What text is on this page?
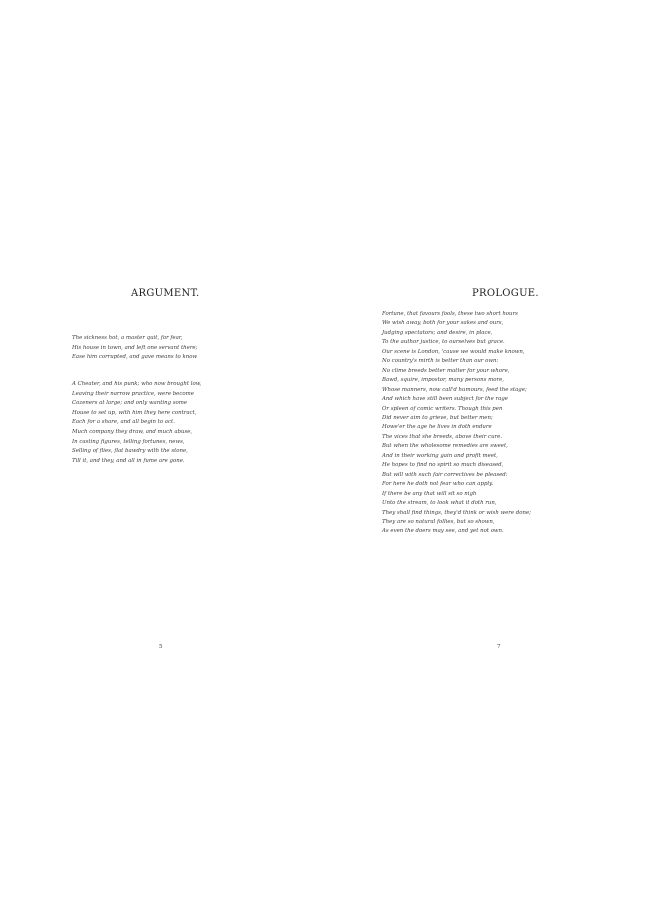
ARGUMENT.
The sickness hot, a master quit, for fear,
His house in town, and left one servant there;
Ease him corrupted, and gave means to know
A Cheater, and his punk; who now brought low,
Leaving their narrow practice, were become
Cozeners at large; and only wanting some
House to set up, with him they here contract,
Each for a share, and all begin to act.
Much company they draw, and much abuse,
In casting figures, telling fortunes, news,
Selling of flies, flat bawdry with the stone,
Till it, and they, and all in fume are gone.
5
PROLOGUE.
Fortune, that favours fools, these two short hours
We wish away, both for your sakes and ours,
Judging spectators; and desire, in place,
To the author justice, to ourselves but grace.
Our scene is London, 'cause we would make known,
No country's mirth is better than our own:
No clime breeds better matter for your whore,
Bawd, squire, impostor, many persons more,
Whose manners, now call'd humours, feed the stage;
And which have still been subject for the rage
Or spleen of comic writers. Though this pen
Did never aim to grieve, but better men;
Howe'er the age he lives in doth endure
The vices that she breeds, above their cure.
But when the wholesome remedies are sweet,
And in their working gain and profit meet,
He hopes to find no spirit so much diseased,
But will with such fair correctives be pleased:
For here he doth not fear who can apply.
If there be any that will sit so nigh
Unto the stream, to look what it doth run,
They shall find things, they'd think or wish were done;
They are so natural follies, but so shown,
As even the doers may see, and yet not own.
7
